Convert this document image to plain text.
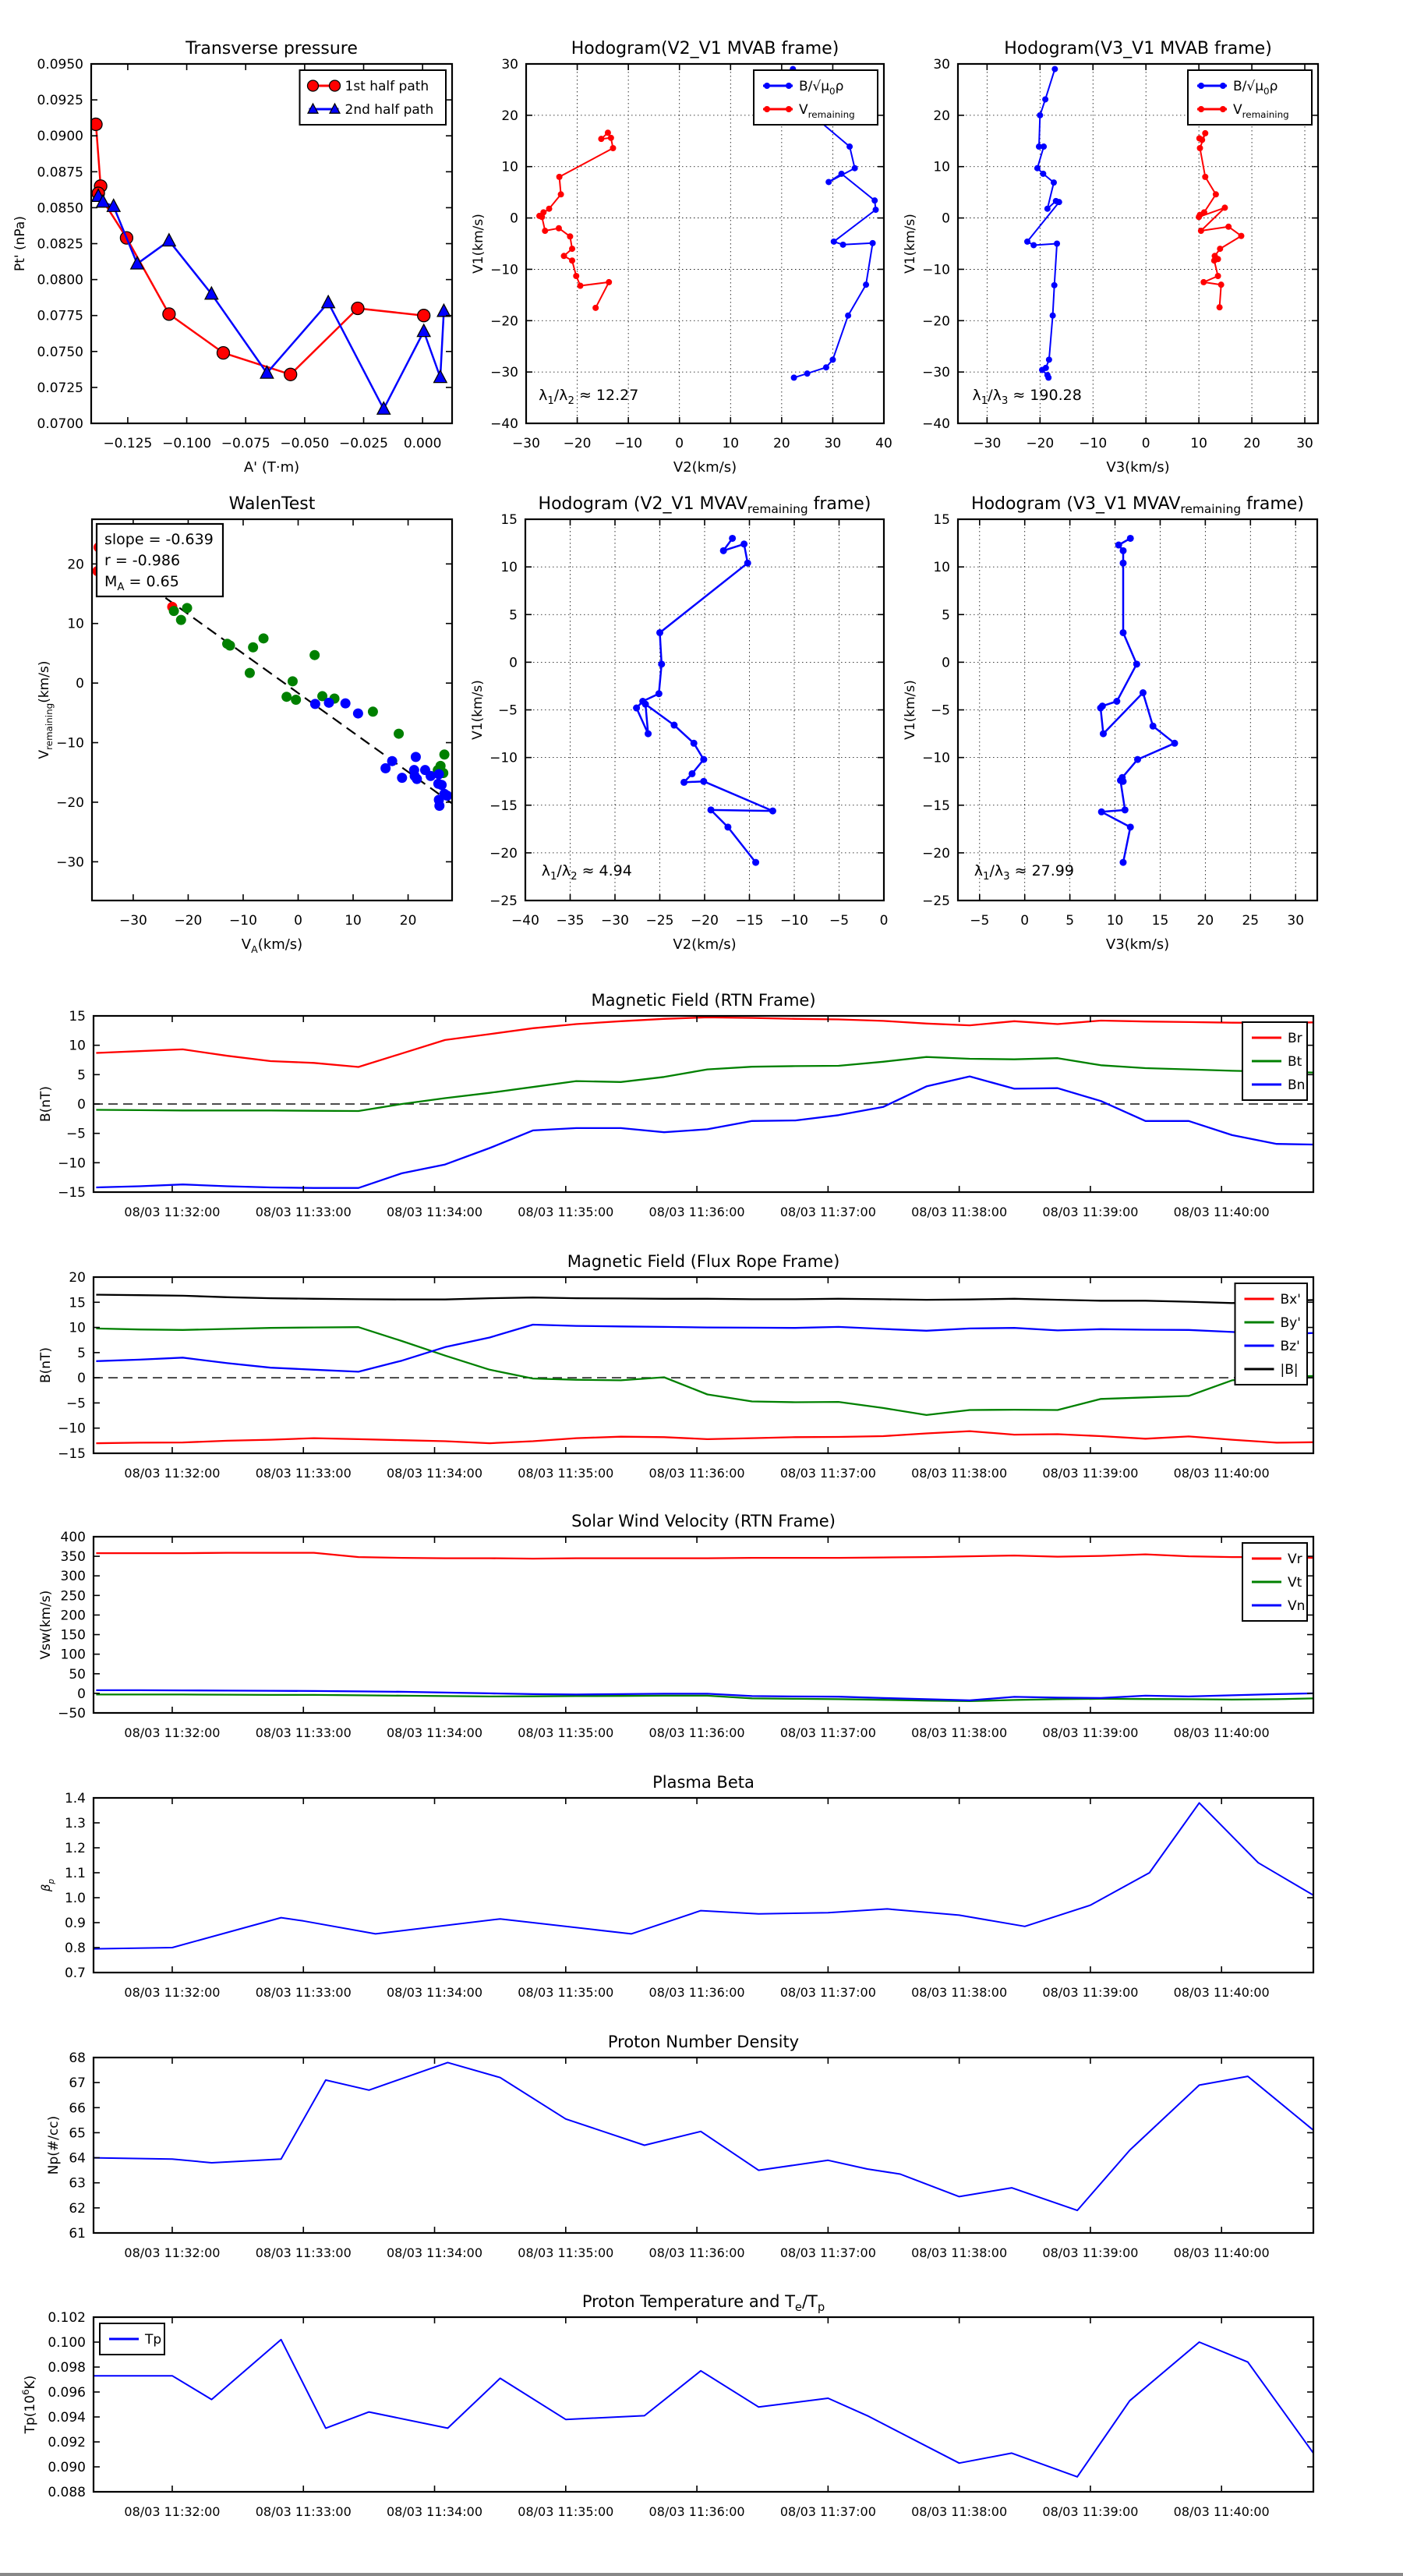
−0.125 −0.100 −0.075 −0.050 −0.025 0.000
0.0700
0.0725
0.0750
0.0775
0.0800
0.0825
0.0850
0.0875
0.0900
0.0925
0.0950
Transverse pressure
A' (T·m)
Pt' (nPa)
1st half path
2nd half path
−30 −20 −10 0	10	20	30	40
−40
−30
−20
−10
0
10
20
30
Hodogram(V2_V1 MVAB frame)
V2(km/s)
V1(km/s)
$\lambda_1/\lambda_2 \approx 12.27$
$B/√\mu_0\rho$
$V_{remaining}$
−30 −20 −10	0	10	20	30
−40
−30
−20
−10
0
10
20
30
Hodogram(V3_V1 MVAB frame)
V3(km/s)
V1(km/s)
$\lambda_1/\lambda_3 \approx 190.28$
$B/√\mu_0\rho$
$V_{remaining}$
−30 −20 −10	0	10	20
−30
−20
−10
0
10
20
WalenTest
$V_A(km/s)$
$V_{remaining}(km/s)$
slope = -0.639
r = -0.986
$M_A = 0.65$
−40 −35 −30 −25 −20 −15 −10 −5 0
−25
−20
−15
−10
−5
0
5
10
15
Hodogram (V2_V1 $MVAV_{remaining}$ frame)
V2(km/s)
V1(km/s)
$\lambda_1/\lambda_2 \approx 4.94$
−5 0	5 10 15 20 25 30
−25
−20
−15
−10
−5
0
5
10
15
Hodogram (V3_V1 $MVAV_{remaining}$ frame)
V3(km/s)
V1(km/s)
$\lambda_1/\lambda_3 \approx 27.99$
08/03 11:32:00	08/03 11:33:00	08/03 11:34:00	08/03 11:35:00	08/03 11:36:00	08/03 11:37:00	08/03 11:38:00	08/03 11:39:00	08/03 11:40:00
−15
−10
−5
0
5
10
15
Magnetic Field (RTN Frame)
B(nT)
Br
Bt
Bn
08/03 11:32:00	08/03 11:33:00	08/03 11:34:00	08/03 11:35:00	08/03 11:36:00	08/03 11:37:00	08/03 11:38:00	08/03 11:39:00	08/03 11:40:00
−15
−10
−5
0
5
10
15
20
Magnetic Field (Flux Rope Frame)
B(nT)
Bx'
By'
Bz'
|B|
08/03 11:32:00	08/03 11:33:00	08/03 11:34:00	08/03 11:35:00	08/03 11:36:00	08/03 11:37:00	08/03 11:38:00	08/03 11:39:00	08/03 11:40:00
−50
0
50
100
150
200
250
300
350
400
Solar Wind Velocity (RTN Frame)
Vsw(km/s)
Vr
Vt
Vn
08/03 11:32:00	08/03 11:33:00	08/03 11:34:00	08/03 11:35:00	08/03 11:36:00	08/03 11:37:00	08/03 11:38:00	08/03 11:39:00	08/03 11:40:00
0.7
0.8
0.9
1.0
1.1
1.2
1.3
1.4
Plasma Beta
$\beta_p$
08/03 11:32:00	08/03 11:33:00	08/03 11:34:00	08/03 11:35:00	08/03 11:36:00	08/03 11:37:00	08/03 11:38:00	08/03 11:39:00	08/03 11:40:00
61
62
63
64
65
66
67
68
Proton Number Density
Np(#/cc)
08/03 11:32:00	08/03 11:33:00	08/03 11:34:00	08/03 11:35:00	08/03 11:36:00	08/03 11:37:00	08/03 11:38:00	08/03 11:39:00	08/03 11:40:00
0.088
0.090
0.092
0.094
0.096
0.098
0.100
0.102
Proton Temperature and $T_e/T_p$
$Tp(10^6K)$
Tp
